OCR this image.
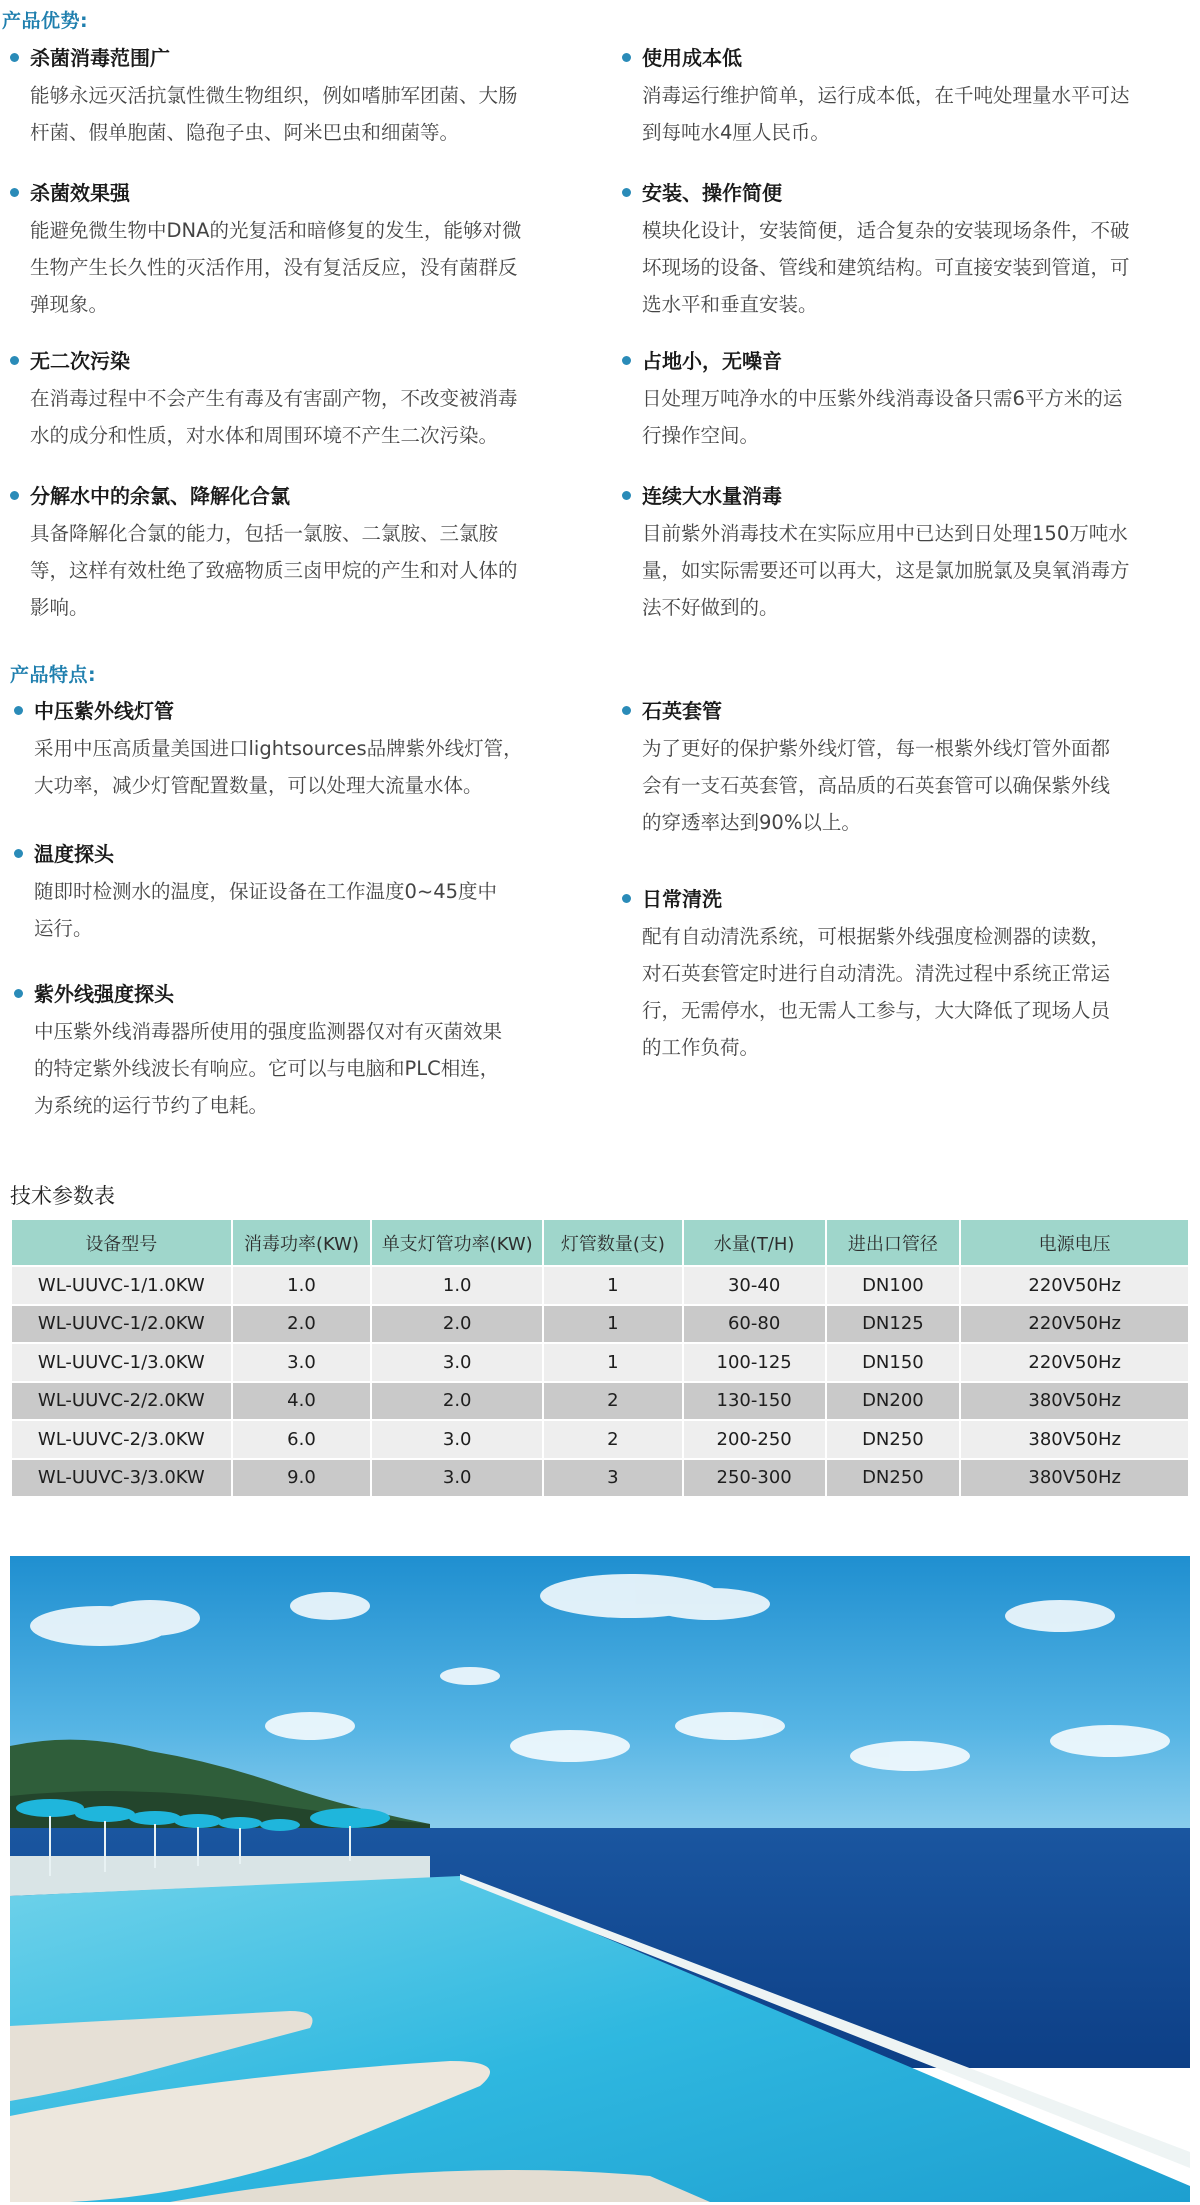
产品优势:
杀菌消毒范围广
能够永远灭活抗氯性微生物组织，例如嗜肺军团菌、大肠
杆菌、假单胞菌、隐孢子虫、阿米巴虫和细菌等。
杀菌效果强
能避免微生物中DNA的光复活和暗修复的发生，能够对微
生物产生长久性的灭活作用，没有复活反应，没有菌群反
弹现象。
无二次污染
在消毒过程中不会产生有毒及有害副产物，不改变被消毒
水的成分和性质，对水体和周围环境不产生二次污染。
分解水中的余氯、降解化合氯
具备降解化合氯的能力，包括一氯胺、二氯胺、三氯胺
等，这样有效杜绝了致癌物质三卤甲烷的产生和对人体的
影响。
使用成本低
消毒运行维护简单，运行成本低，在千吨处理量水平可达
到每吨水4厘人民币。
安装、操作简便
模块化设计，安装简便，适合复杂的安装现场条件，不破
坏现场的设备、管线和建筑结构。可直接安装到管道，可
选水平和垂直安装。
占地小，无噪音
日处理万吨净水的中压紫外线消毒设备只需6平方米的运
行操作空间。
连续大水量消毒
目前紫外消毒技术在实际应用中已达到日处理150万吨水
量，如实际需要还可以再大，这是氯加脱氯及臭氧消毒方
法不好做到的。
产品特点:
中压紫外线灯管
采用中压高质量美国进口lightsources品牌紫外线灯管，
大功率，减少灯管配置数量，可以处理大流量水体。
温度探头
随即时检测水的温度，保证设备在工作温度0~45度中
运行。
紫外线强度探头
中压紫外线消毒器所使用的强度监测器仅对有灭菌效果
的特定紫外线波长有响应。它可以与电脑和PLC相连，
为系统的运行节约了电耗。
石英套管
为了更好的保护紫外线灯管，每一根紫外线灯管外面都
会有一支石英套管，高品质的石英套管可以确保紫外线
的穿透率达到90%以上。
日常清洗
配有自动清洗系统，可根据紫外线强度检测器的读数，
对石英套管定时进行自动清洗。清洗过程中系统正常运
行，无需停水，也无需人工参与，大大降低了现场人员
的工作负荷。
技术参数表
设备型号	消毒功率(KW)	单支灯管功率(KW)	灯管数量(支)	水量(T/H)	进出口管径	电源电压
WL-UUVC-1/1.0KW	1.0	1.0	1	30-40	DN100	220V50Hz
WL-UUVC-1/2.0KW	2.0	2.0	1	60-80	DN125	220V50Hz
WL-UUVC-1/3.0KW	3.0	3.0	1	100-125	DN150	220V50Hz
WL-UUVC-2/2.0KW	4.0	2.0	2	130-150	DN200	380V50Hz
WL-UUVC-2/3.0KW	6.0	3.0	2	200-250	DN250	380V50Hz
WL-UUVC-3/3.0KW	9.0	3.0	3	250-300	DN250	380V50Hz
